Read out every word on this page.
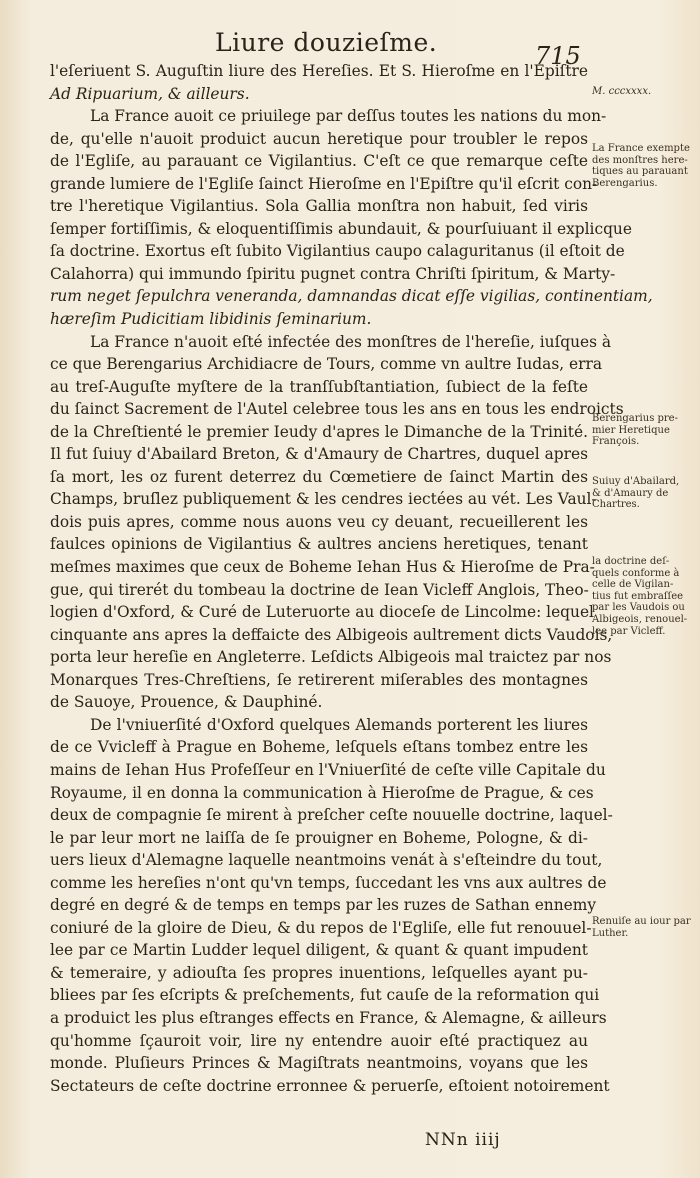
Liure douzieſme.	715
l'eſeriuent S. Auguſtin liure des Hereſies. Et S. Hieroſme en l'Epiſtre
Ad Ripuarium, & ailleurs.
La France auoit ce priuilege par deſſus toutes les nations du mon-
de, qu'elle n'auoit produict aucun heretique pour troubler le repos
de l'Egliſe, au parauant ce Vigilantius. C'eſt ce que remarque ceſte
grande lumiere de l'Egliſe ſainct Hieroſme en l'Epiſtre qu'il eſcrit con-
tre l'heretique Vigilantius. Sola Gallia monſtra non habuit, ſed viris
ſemper fortiſſimis, & eloquentiſſimis abundauit, & pourſuiuant il explicque
ſa doctrine. Exortus eſt ſubito Vigilantius caupo calaguritanus (il eſtoit de
Calahorra) qui immundo ſpiritu pugnet contra Chriſti ſpiritum, & Marty-
rum neget ſepulchra veneranda, damnandas dicat eſſe vigilias, continentiam,
hæreſim Pudicitiam libidinis ſeminarium.
La France n'auoit eſté infectée des monſtres de l'hereſie, iuſques à
ce que Berengarius Archidiacre de Tours, comme vn aultre Iudas, erra
au treſ-Auguſte myſtere de la tranſſubſtantiation, ſubiect de la feſte
du ſainct Sacrement de l'Autel celebree tous les ans en tous les endroicts
de la Chreſtienté le premier Ieudy d'apres le Dimanche de la Trinité.
Il fut ſuiuy d'Abailard Breton, & d'Amaury de Chartres, duquel apres
ſa mort, les oz furent deterrez du Cœmetiere de ſainct Martin des
Champs, bruſlez publiquement & les cendres iectées au vét. Les Vaul-
dois puis apres, comme nous auons veu cy deuant, recueillerent les
faulces opinions de Vigilantius & aultres anciens heretiques, tenant
meſmes maximes que ceux de Boheme Iehan Hus & Hieroſme de Pra-
gue, qui tirerét du tombeau la doctrine de Iean Vicleff Anglois, Theo-
logien d'Oxford, & Curé de Luteruorte au dioceſe de Lincolme: lequel
cinquante ans apres la deffaicte des Albigeois aultrement dicts Vaudois,
porta leur hereſie en Angleterre. Leſdicts Albigeois mal traictez par nos
Monarques Tres-Chreſtiens, ſe retirerent miſerables des montagnes
de Sauoye, Prouence, & Dauphiné.
De l'vniuerſité d'Oxford quelques Alemands porterent les liures
de ce Vvicleff à Prague en Boheme, leſquels eſtans tombez entre les
mains de Iehan Hus Profeſſeur en l'Vniuerſité de ceſte ville Capitale du
Royaume, il en donna la communication à Hieroſme de Prague, & ces
deux de compagnie ſe mirent à preſcher ceſte nouuelle doctrine, laquel-
le par leur mort ne laiſſa de ſe prouigner en Boheme, Pologne, & di-
uers lieux d'Alemagne laquelle neantmoins venát à s'eſteindre du tout,
comme les hereſies n'ont qu'vn temps, ſuccedant les vns aux aultres de
degré en degré & de temps en temps par les ruzes de Sathan ennemy
coniuré de la gloire de Dieu, & du repos de l'Egliſe, elle fut renouuel-
lee par ce Martin Ludder lequel diligent, & quant & quant impudent
& temeraire, y adiouſta ſes propres inuentions, leſquelles ayant pu-
bliees par ſes eſcripts & preſchements, fut cauſe de la reformation qui
a produict les plus eſtranges effects en France, & Alemagne, & ailleurs
qu'homme ſçauroit voir, lire ny entendre auoir eſté practiquez au
monde. Pluſieurs Princes & Magiſtrats neantmoins, voyans que les
Sectateurs de ceſte doctrine erronnee & peruerſe, eſtoient notoirement
M. cccxxxx.
La France exempte
des monſtres here-
tiques au parauant
Berengarius.
Berengarius pre-
mier Heretique
François.
Suiuy d'Abailard,
& d'Amaury de
Chartres.
la doctrine deſ-
quels conforme à
celle de Vigilan-
tius fut embraſſee
par les Vaudois ou
Albigeois, renouel-
lee par Vicleff.
Renuiſe au iour par
Luther.
NNn iiij
